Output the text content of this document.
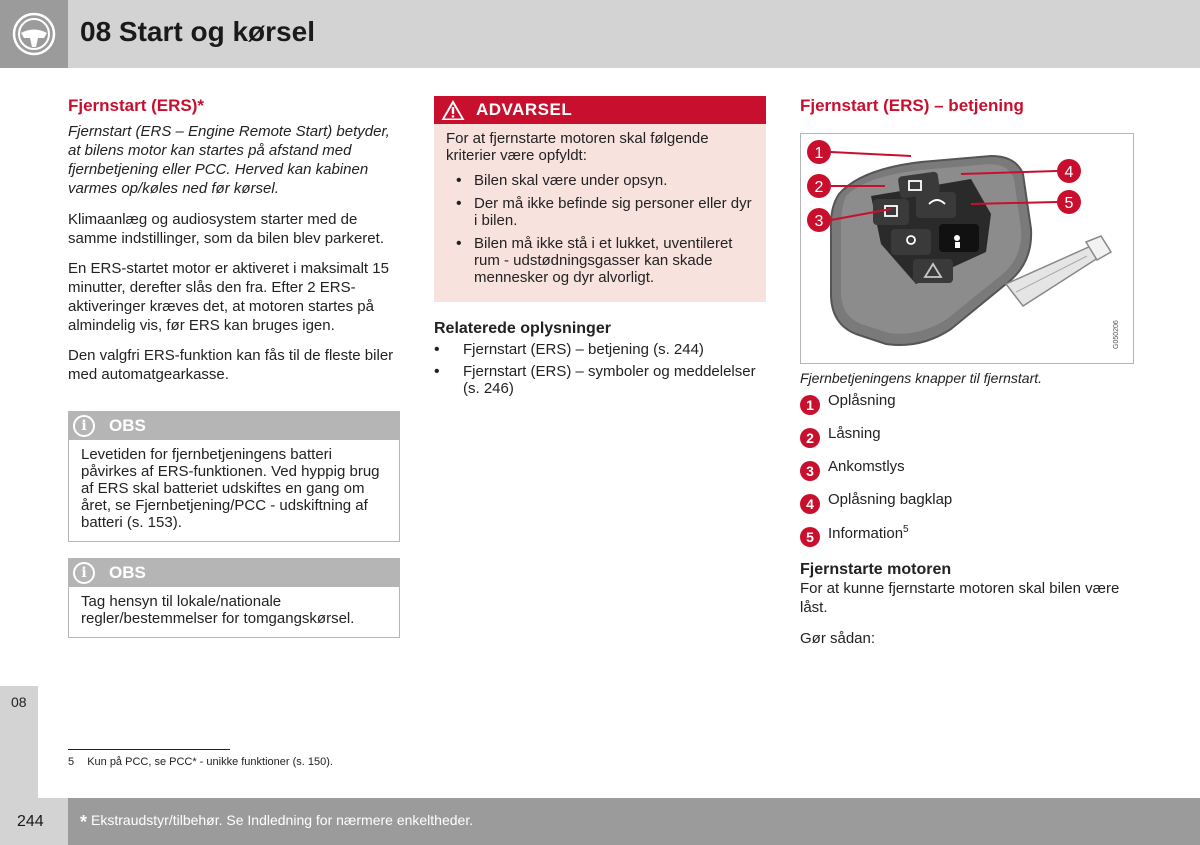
08 Start og kørsel
08
Fjernstart (ERS)*

Fjernstart (ERS – Engine Remote Start) betyder, at bilens motor kan startes på afstand med fjernbetjening eller PCC. Herved kan kabinen varmes op/køles ned før kørsel.

Klimaanlæg og audiosystem starter med de samme indstillinger, som da bilen blev parkeret.

En ERS-startet motor er aktiveret i maksimalt 15 minutter, derefter slås den fra. Efter 2 ERS-aktiveringer kræves det, at motoren startes på almindelig vis, før ERS kan bruges igen.

Den valgfri ERS-funktion kan fås til de fleste biler med automatgearkasse.

i	OBS
Levetiden for fjernbetjeningens batteri påvirkes af ERS-funktionen. Ved hyppig brug af ERS skal batteriet udskiftes en gang om året, se Fjernbetjening/PCC - udskiftning af batteri (s. 153).
i	OBS
Tag hensyn til lokale/nationale regler/bestemmelser for tomgangskørsel.
ADVARSEL
For at fjernstarte motoren skal følgende kriterier være opfyldt:
• Bilen skal være under opsyn.
• Der må ikke befinde sig personer eller dyr i bilen.
• Bilen må ikke stå i et lukket, uventileret rum - udstødningsgasser kan skade mennesker og dyr alvorligt.
Relaterede oplysninger
• Fjernstart (ERS) – betjening (s. 244)
• Fjernstart (ERS) – symboler og meddelelser (s. 246)
Fjernstart (ERS) – betjening
1
2
3
4
5
G050206
Fjernbetjeningens knapper til fjernstart.
1 Oplåsning
2 Låsning
3 Ankomstlys
4 Oplåsning bagklap
5 Information$^5$
Fjernstarte motoren

For at kunne fjernstarte motoren skal bilen være låst.

Gør sådan:

5 Kun på PCC, se PCC* - unikke funktioner (s. 150).
244 * Ekstraudstyr/tilbehør. Se Indledning for nærmere enkeltheder.
